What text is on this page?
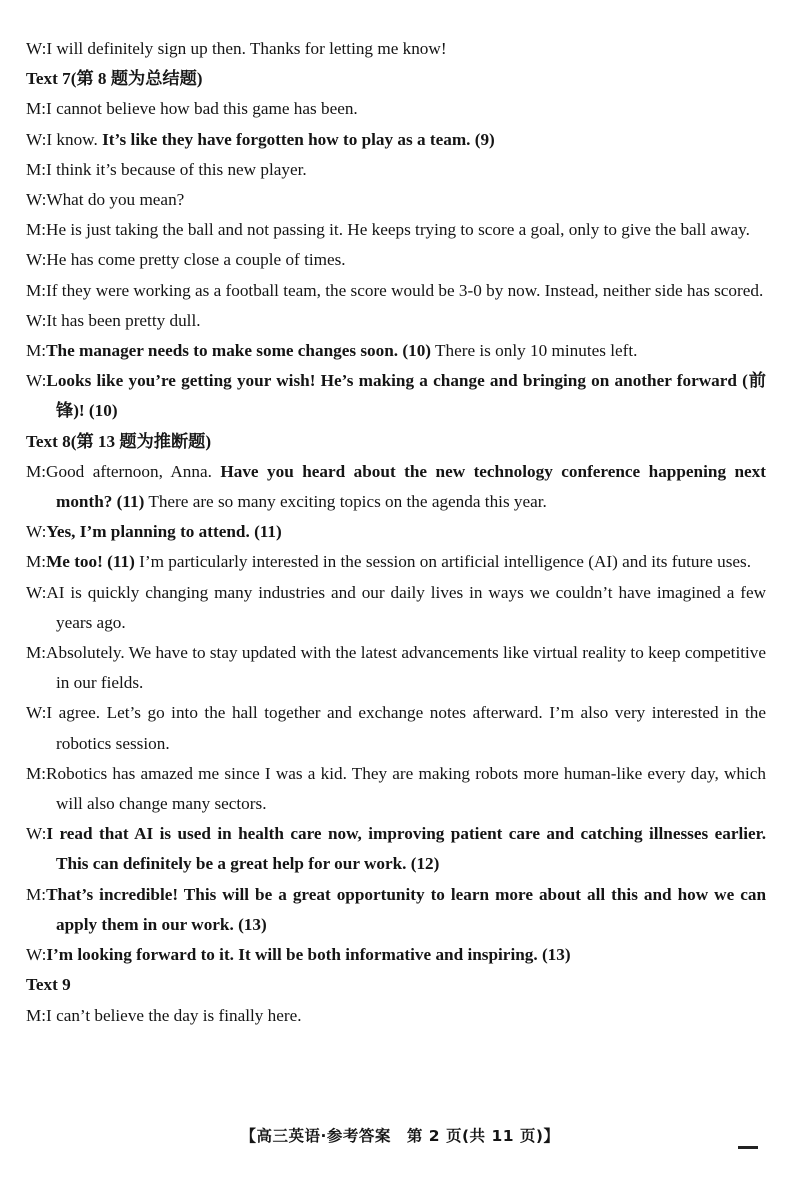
W:I will definitely sign up then. Thanks for letting me know!
Text 7(第 8 题为总结题)
M:I cannot believe how bad this game has been.
W:I know. It’s like they have forgotten how to play as a team. (9)
M:I think it’s because of this new player.
W:What do you mean?
M:He is just taking the ball and not passing it. He keeps trying to score a goal, only to give the ball away.
W:He has come pretty close a couple of times.
M:If they were working as a football team, the score would be 3-0 by now. Instead, neither side has scored.
W:It has been pretty dull.
M:The manager needs to make some changes soon. (10) There is only 10 minutes left.
W:Looks like you’re getting your wish! He’s making a change and bringing on another forward (前锋)! (10)
Text 8(第 13 题为推断题)
M:Good afternoon, Anna. Have you heard about the new technology conference happening next month? (11) There are so many exciting topics on the agenda this year.
W:Yes, I’m planning to attend. (11)
M:Me too! (11) I’m particularly interested in the session on artificial intelligence (AI) and its future uses.
W:AI is quickly changing many industries and our daily lives in ways we couldn’t have imagined a few years ago.
M:Absolutely. We have to stay updated with the latest advancements like virtual reality to keep competitive in our fields.
W:I agree. Let’s go into the hall together and exchange notes afterward. I’m also very interested in the robotics session.
M:Robotics has amazed me since I was a kid. They are making robots more human-like every day, which will also change many sectors.
W:I read that AI is used in health care now, improving patient care and catching illnesses earlier. This can definitely be a great help for our work. (12)
M:That’s incredible! This will be a great opportunity to learn more about all this and how we can apply them in our work. (13)
W:I’m looking forward to it. It will be both informative and inspiring. (13)
Text 9
M:I can’t believe the day is finally here.
【高三英语·参考答案　第 2 页(共 11 页)】
